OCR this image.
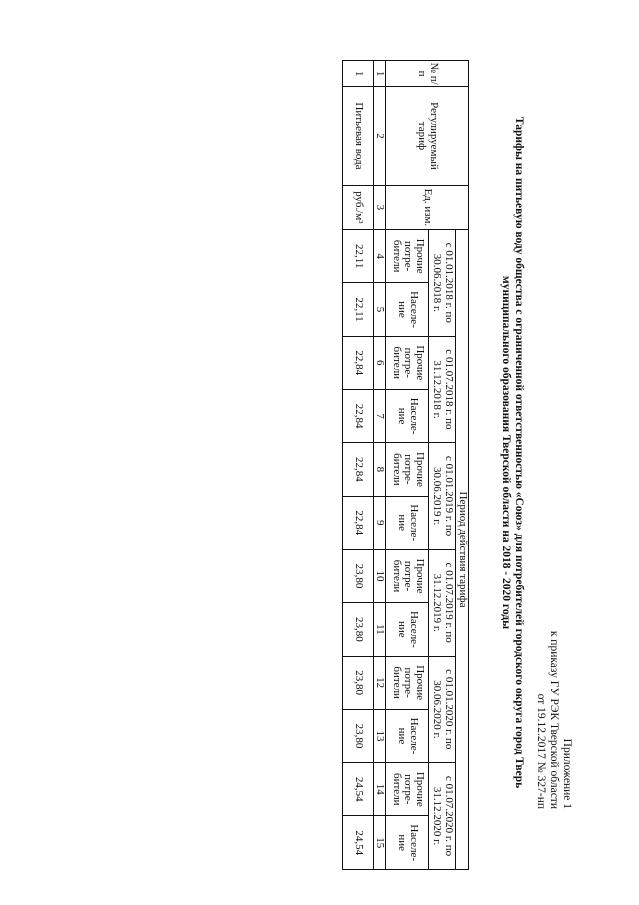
Приложение 1
к приказу ГУ РЭК Тверской области
от 19.12.2017 № 327-нп
Тарифы на питьевую воду общества с ограниченной ответственностью «Союз» для потребителей городского округа город Тверь
муниципального образования Тверской области на 2018 - 2020 годы
№ п/п	Регулируемый тариф	Ед. изм.	Период действия тарифа											
			с 01.01.2018 г. по 30.06.2018 г.		с 01.07.2018 г. по 31.12.2018 г.		с 01.01.2019 г. по 30.06.2019 г.		с 01.07.2019 г. по 31.12.2019 г.		с 01.01.2020 г. по 30.06.2020 г.		с 01.07.2020 г. по 31.12.2020 г.	
			Прочие потре-бители	Населе-ние	Прочие потре-бители	Населе-ние	Прочие потре-бители	Населе-ние	Прочие потре-бители	Населе-ние	Прочие потре-бители	Населе-ние	Прочие потре-бители	Населе-ние
1	2	3	4	5	6	7	8	9	10	11	12	13	14	15
1	Питьевая вода	руб./м³	22,11	22,11	22,84	22,84	22,84	22,84	23,80	23,80	23,80	23,80	24,54	24,54
